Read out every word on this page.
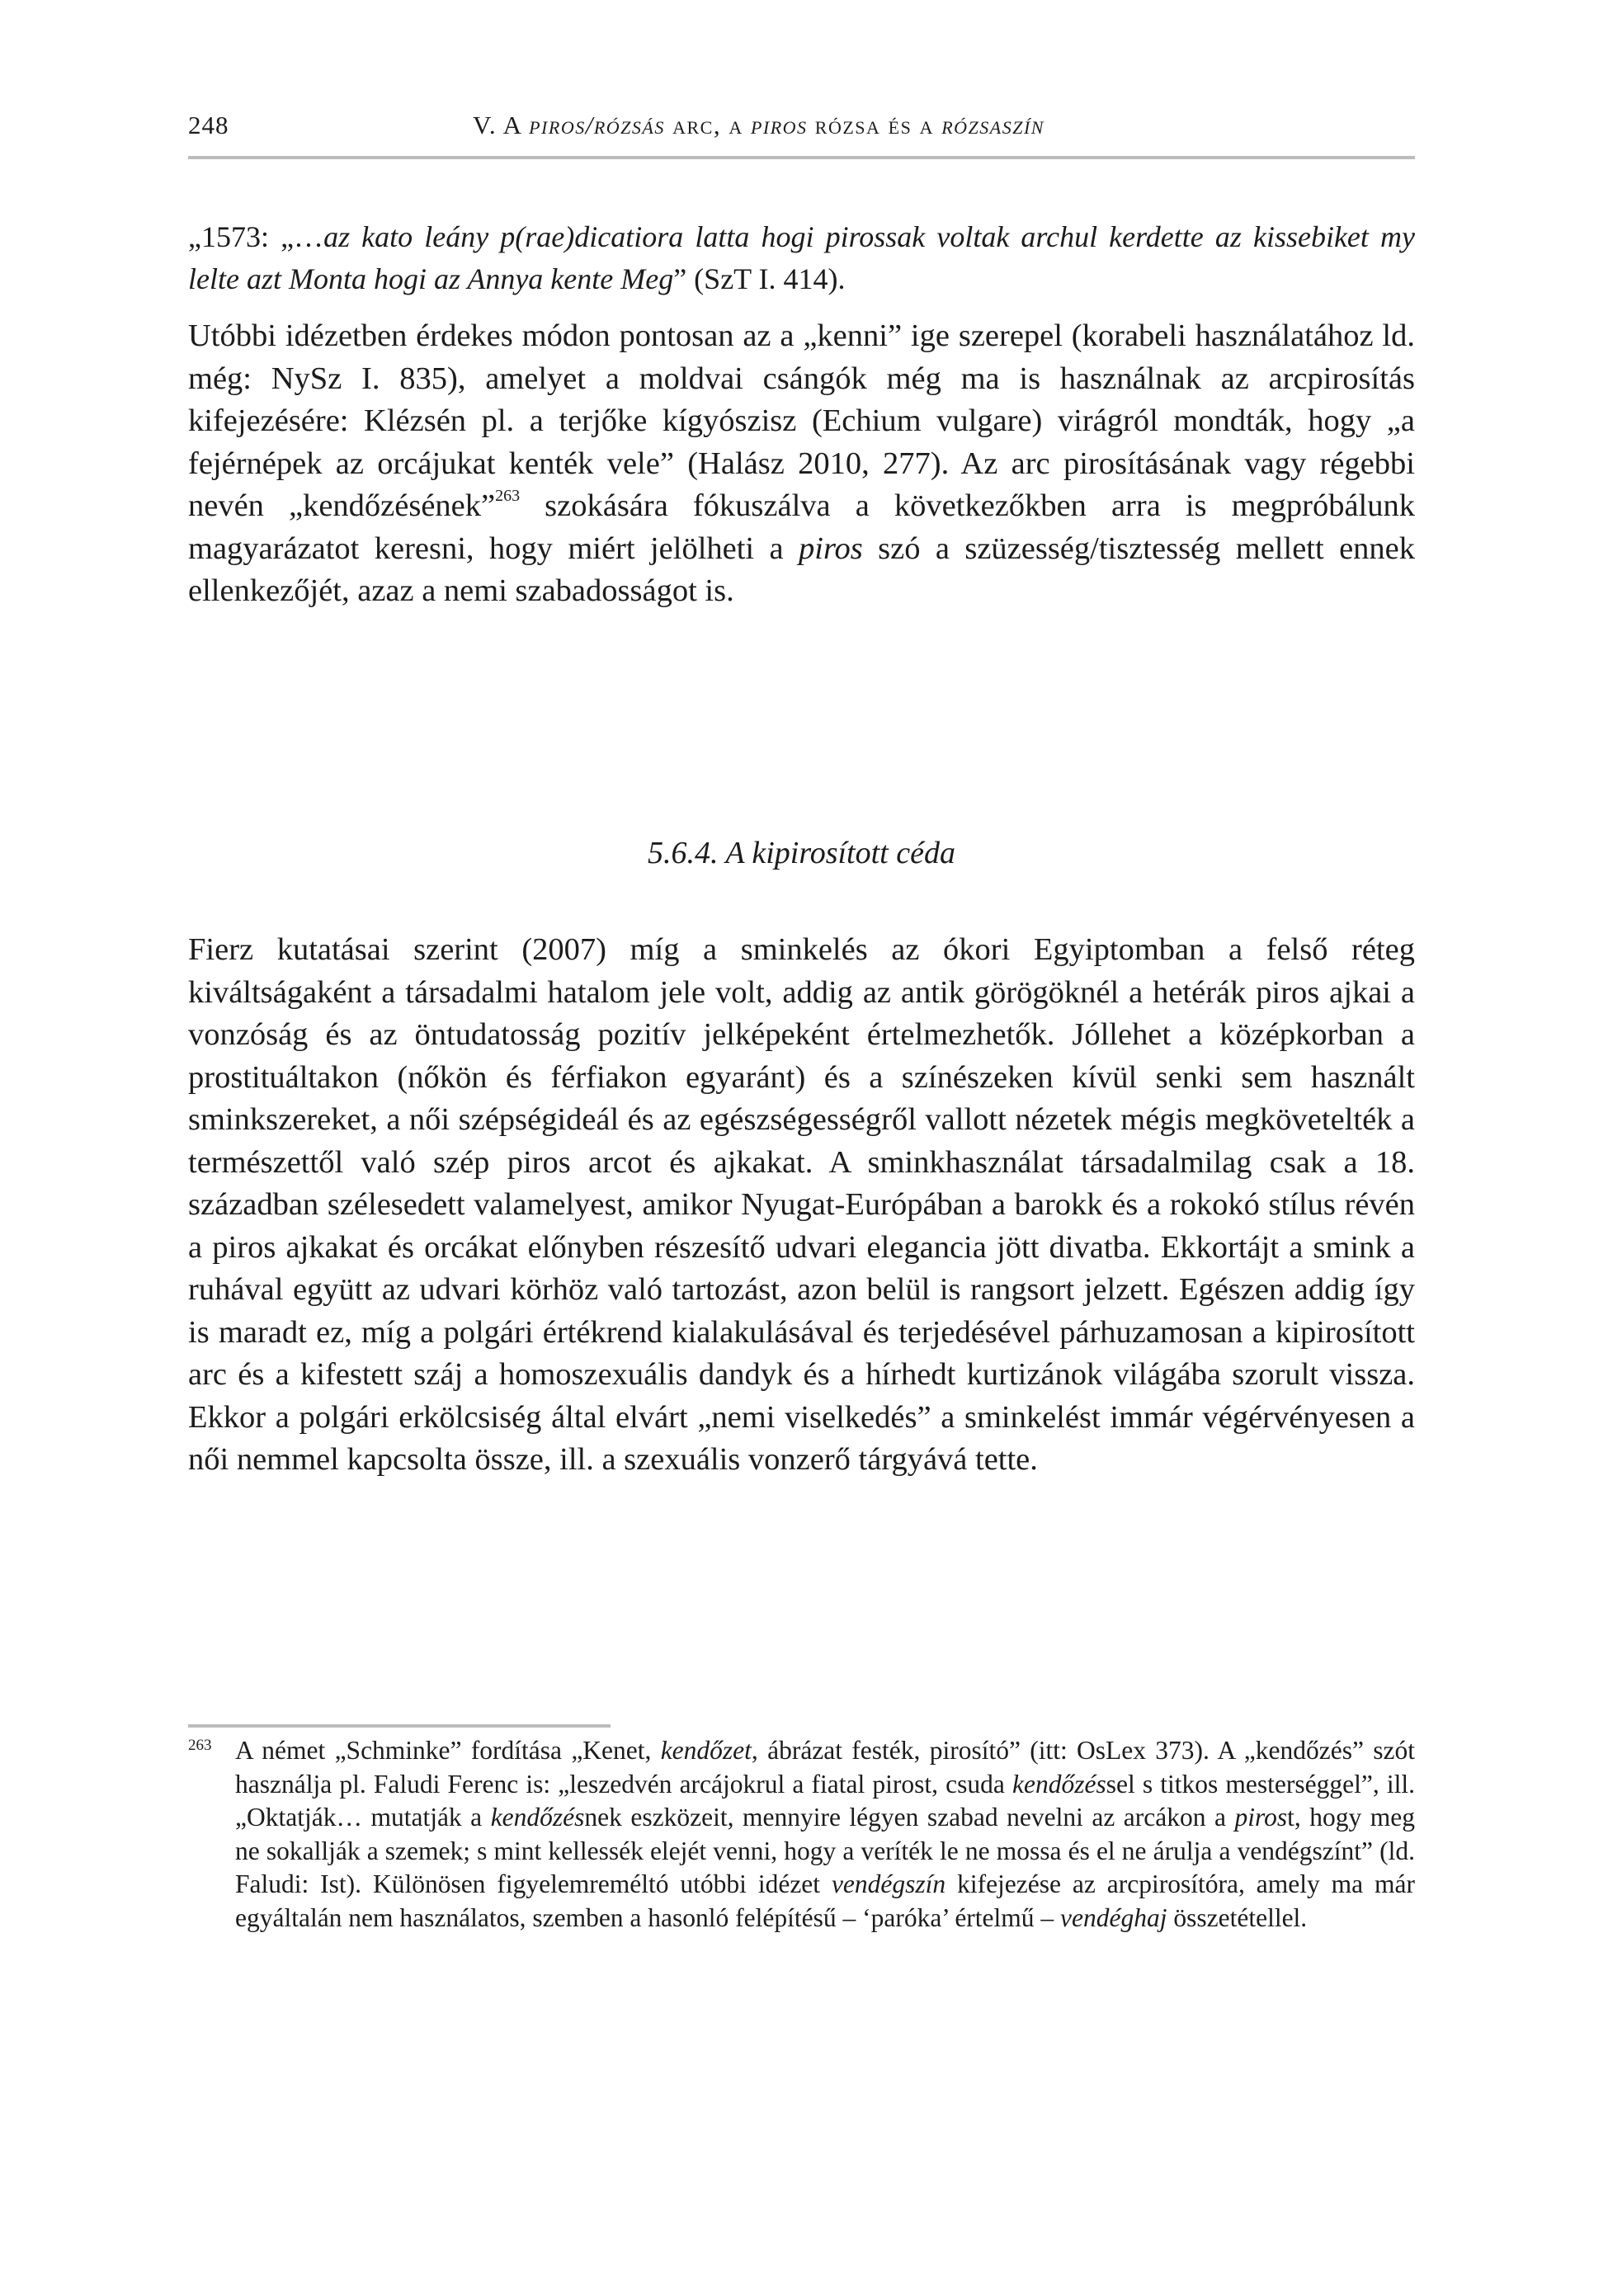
248	V. A piros/rózsás arc, a piros rózsa és a rózsaszín
„1573: „…az kato leány p(rae)dicatiora latta hogi pirossak voltak archul kerdette az kissebiket my lelte azt Monta hogi az Annya kente Meg” (SzT I. 414).
Utóbbi idézetben érdekes módon pontosan az a „kenni” ige szerepel (korabeli használatához ld. még: NySz I. 835), amelyet a moldvai csángók még ma is használnak az arcpirosítás kifejezésére: Klézsén pl. a terjőke kígyószisz (Echium vulgare) virágról mondták, hogy „a fejérnépek az orcájukat kenték vele” (Halász 2010, 277). Az arc pirosításának vagy régebbi nevén „kendőzésének”$^{263}$ szokására fókuszálva a következőkben arra is megpróbálunk magyarázatot keresni, hogy miért jelölheti a piros szó a szüzesség/tisztesség mellett ennek ellenkezőjét, azaz a nemi szabadosságot is.
5.6.4. A kipirosított céda
Fierz kutatásai szerint (2007) míg a sminkelés az ókori Egyiptomban a felső réteg kiváltságaként a társadalmi hatalom jele volt, addig az antik görögöknél a hetérák piros ajkai a vonzóság és az öntudatosság pozitív jelképeként értelmezhetők. Jóllehet a középkorban a prostituáltakon (nőkön és férfiakon egyaránt) és a színészeken kívül senki sem használt sminkszereket, a női szépségideál és az egészségességről vallott nézetek mégis megkövetelték a természettől való szép piros arcot és ajkakat. A sminkhasználat társadalmilag csak a 18. században szélesedett valamelyest, amikor Nyugat-Európában a barokk és a rokokó stílus révén a piros ajkakat és orcákat előnyben részesítő udvari elegancia jött divatba. Ekkortájt a smink a ruhával együtt az udvari körhöz való tartozást, azon belül is rangsort jelzett. Egészen addig így is maradt ez, míg a polgári értékrend kialakulásával és terjedésével párhuzamosan a kipirosított arc és a kifestett száj a homoszexuális dandyk és a hírhedt kurtizánok világába szorult vissza. Ekkor a polgári erkölcsiség által elvárt „nemi viselkedés” a sminkelést immár végérvényesen a női nemmel kapcsolta össze, ill. a szexuális vonzerő tárgyává tette.
263 A német „Schminke” fordítása „Kenet, kendőzet, ábrázat festék, pirosító” (itt: OsLex 373). A „kendőzés” szót használja pl. Faludi Ferenc is: „leszedvén arcájokrul a fiatal pirost, csuda kendőzéssel s titkos mesterséggel”, ill. „Oktatják… mutatják a kendőzésnek eszközeit, mennyire légyen szabad nevelni az arcákon a pirost, hogy meg ne sokallják a szemek; s mint kellessék elejét venni, hogy a veríték le ne mossa és el ne árulja a vendégszínt” (ld. Faludi: Ist). Különösen figyelemreméltó utóbbi idézet vendégszín kifejezése az arcpirosítóra, amely ma már egyáltalán nem használatos, szemben a hasonló felépítésű – ‘paróka’ értelmű – vendéghaj összetétellel.
